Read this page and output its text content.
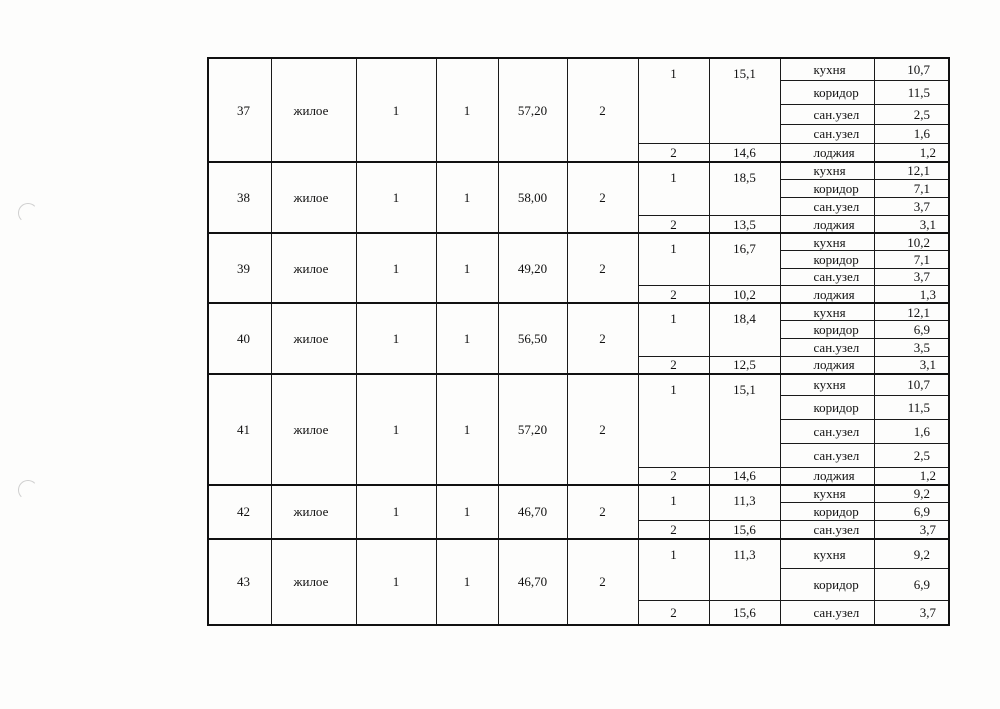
37	жилое	1	1	57,20	2	1	15,1	кухня	10,7
								коридор	11,5
								сан.узел	2,5
								сан.узел	1,6
						2	14,6	лоджия	1,2
38	жилое	1	1	58,00	2	1	18,5	кухня	12,1
								коридор	7,1
								сан.узел	3,7
						2	13,5	лоджия	3,1
39	жилое	1	1	49,20	2	1	16,7	кухня	10,2
								коридор	7,1
								сан.узел	3,7
						2	10,2	лоджия	1,3
40	жилое	1	1	56,50	2	1	18,4	кухня	12,1
								коридор	6,9
								сан.узел	3,5
						2	12,5	лоджия	3,1
41	жилое	1	1	57,20	2	1	15,1	кухня	10,7
								коридор	11,5
								сан.узел	1,6
								сан.узел	2,5
						2	14,6	лоджия	1,2
42	жилое	1	1	46,70	2	1	11,3	кухня	9,2
								коридор	6,9
						2	15,6	сан.узел	3,7
43	жилое	1	1	46,70	2	1	11,3	кухня	9,2
								коридор	6,9
						2	15,6	сан.узел	3,7
